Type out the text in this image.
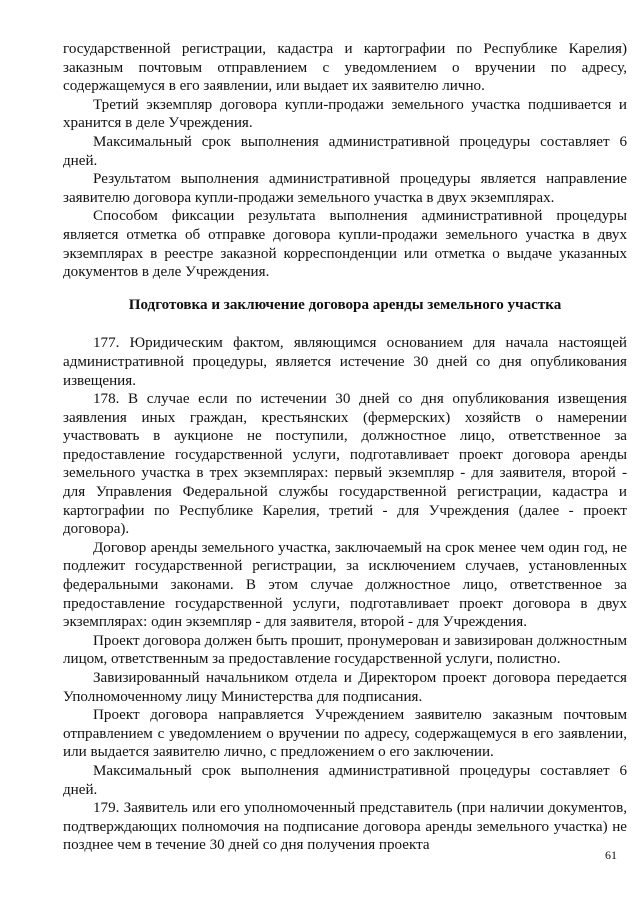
государственной регистрации, кадастра и картографии по Республике Карелия) заказным почтовым отправлением с уведомлением о вручении по адресу, содержащемуся в его заявлении, или выдает их заявителю лично.

Третий экземпляр договора купли-продажи земельного участка подшивается и хранится в деле Учреждения.

Максимальный срок выполнения административной процедуры составляет 6 дней.

Результатом выполнения административной процедуры является направление заявителю договора купли-продажи земельного участка в двух экземплярах.

Способом фиксации результата выполнения административной процедуры является отметка об отправке договора купли-продажи земельного участка в двух экземплярах в реестре заказной корреспонденции или отметка о выдаче указанных документов в деле Учреждения.

Подготовка и заключение договора аренды земельного участка

177. Юридическим фактом, являющимся основанием для начала настоящей административной процедуры, является истечение 30 дней со дня опубликования извещения.

178. В случае если по истечении 30 дней со дня опубликования извещения заявления иных граждан, крестьянских (фермерских) хозяйств о намерении участвовать в аукционе не поступили, должностное лицо, ответственное за предоставление государственной услуги, подготавливает проект договора аренды земельного участка в трех экземплярах: первый экземпляр - для заявителя, второй - для Управления Федеральной службы государственной регистрации, кадастра и картографии по Республике Карелия, третий - для Учреждения (далее - проект договора).

Договор аренды земельного участка, заключаемый на срок менее чем один год, не подлежит государственной регистрации, за исключением случаев, установленных федеральными законами. В этом случае должностное лицо, ответственное за предоставление государственной услуги, подготавливает проект договора в двух экземплярах: один экземпляр - для заявителя, второй - для Учреждения.

Проект договора должен быть прошит, пронумерован и завизирован должностным лицом, ответственным за предоставление государственной услуги, полистно.

Завизированный начальником отдела и Директором проект договора передается Уполномоченному лицу Министерства для подписания.

Проект договора направляется Учреждением заявителю заказным почтовым отправлением с уведомлением о вручении по адресу, содержащемуся в его заявлении, или выдается заявителю лично, с предложением о его заключении.

Максимальный срок выполнения административной процедуры составляет 6 дней.

179. Заявитель или его уполномоченный представитель (при наличии документов, подтверждающих полномочия на подписание договора аренды земельного участка) не позднее чем в течение 30 дней со дня получения проекта

61
